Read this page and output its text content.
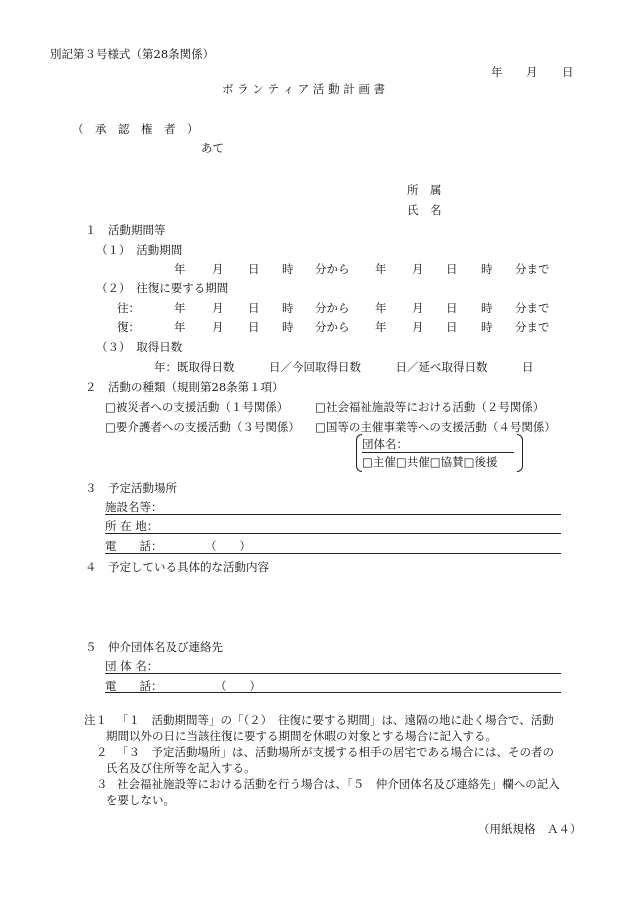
別記第３号様式（第28条関係）
年 月 日
ボ ラ ン テ ィ ア 活 動 計 画 書
（　承　認　権　者　）
あて
所　属
氏　名
１　活動期間等
（１）　活動期間
年 月 日 時 分から 年 月 日 時 分まで
（２）　往復に要する期間
往：	年 月 日 時 分から 年 月 日 時 分まで
復：	年 月 日 時 分から 年 月 日 時 分まで
（３）　取得日数
年：既取得日数　　　日／今回取得日数　　　日／延べ取得日数　　　日
２　活動の種類（規則第28条第１項）
□被災者への支援活動（１号関係） □社会福祉施設等における活動（２号関係）
□要介護者への支援活動（３号関係） □国等の主催事業等への支援活動（４号関係）
団体名：
□主催□共催□協賛□後援
３　予定活動場所
施設名等：
所 在 地：
電　　話：	（　　）
４　予定している具体的な活動内容
５　仲介団体名及び連絡先
団 体 名：
電　　話：	（　　）
注１ 「１　活動期間等」の「（２）　往復に要する期間」は、遠隔の地に赴く場合で、活動
期間以外の日に当該往復に要する期間を休暇の対象とする場合に記入する。
２ 「３　予定活動場所」は、活動場所が支援する相手の居宅である場合には、その者の
氏名及び住所等を記入する。
３ 社会福祉施設等における活動を行う場合は、「５　仲介団体名及び連絡先」欄への記入
を要しない。
（用紙規格　Ａ４）
